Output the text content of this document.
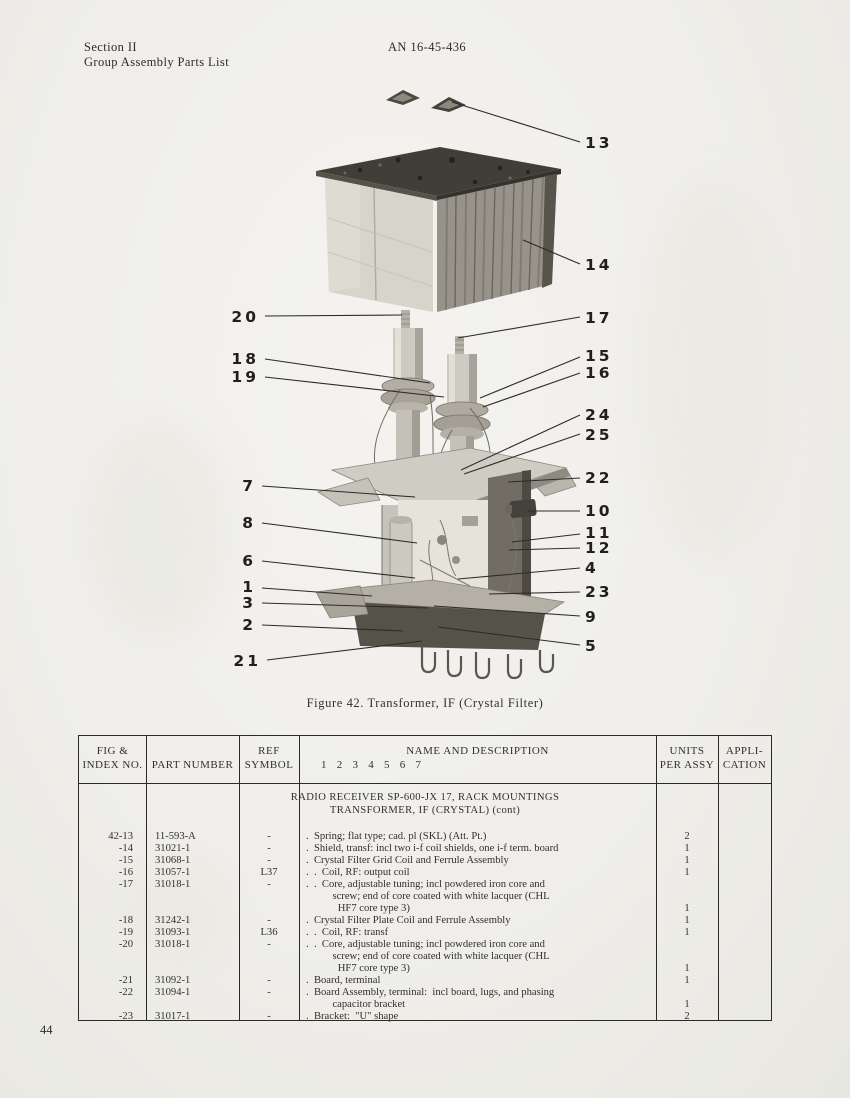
Section II
Group Assembly Parts List
AN 16-45-436
13
14
17
15
16
24
25
22
10
11
12
4
23
9
5
20
18
19
7
8
6
1
3
2
21
Figure 42. Transformer, IF (Crystal Filter)
FIG &
INDEX NO. PART NUMBER
REF
SYMBOL
NAME AND DESCRIPTION
1   2   3   4   5   6   7
UNITS
PER ASSY
APPLI-
CATION
RADIO RECEIVER SP-600-JX 17, RACK MOUNTINGS
TRANSFORMER, IF (CRYSTAL) (cont)
42-13	11-593-A	-	.  Spring; flat type; cad. pl (SKL) (Att. Pt.)	2
-14	31021-1	-	.  Shield, transf: incl two i-f coil shields, one i-f term. board	1
-15	31068-1	-	.  Crystal Filter Grid Coil and Ferrule Assembly	1
-16	31057-1	L37	.  .  Coil, RF: output coil	1
-17	31018-1	-	.  .  Core, adjustable tuning; incl powdered iron core and
screw; end of core coated with white lacquer (CHL
HF7 core type 3)	1
-18	31242-1	-	.  Crystal Filter Plate Coil and Ferrule Assembly	1
-19	31093-1	L36	.  .  Coil, RF: transf	1
-20	31018-1	-	.  .  Core, adjustable tuning; incl powdered iron core and
screw; end of core coated with white lacquer (CHL
HF7 core type 3)	1
-21	31092-1	-	.  Board, terminal	1
-22	31094-1	-	.  Board Assembly, terminal:  incl board, lugs, and phasing
capacitor bracket	1
-23	31017-1	-	.  Bracket:  "U" shape	2
44
